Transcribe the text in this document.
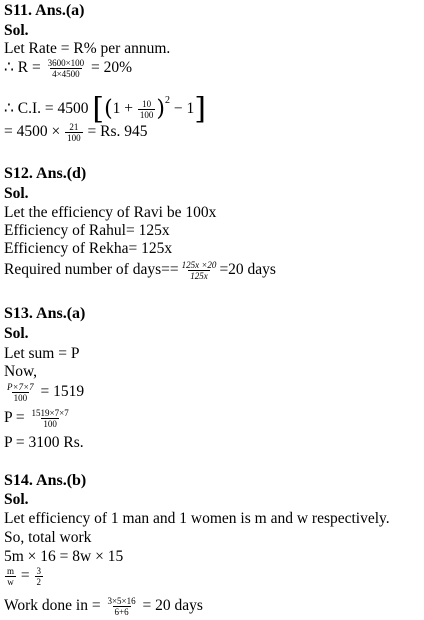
S11. Ans.(a)
Sol.
Let Rate = R% per annum.
∴ $R = \frac{3600\times 100}{4\times 4500} = 20\%$
∴ C.I. = 4500 $[(1 + \frac{10}{100} )^2 - 1]$
= $4500 \times \frac{21}{100} = Rs$. 945
S12. Ans.(d)
Sol.
Let the efficiency of Ravi be 100x
Efficiency of Rahul= 125x
Efficiency of Rekha= 125x
Required number of days== $\frac{125x \times 20}{125x} =20$ days
S13. Ans.(a)
Sol.
Let sum = P
Now,
$\frac{P\times 7\times 7}{100} = 1519$
$P = \frac{1519\times 7\times 7}{100}$
P = 3100 Rs.
S14. Ans.(b)
Sol.
Let efficiency of 1 man and 1 women is m and w respectively.
So, total work
5m × 16 = 8w × 15
$\frac{m}{w} = \frac{3}{2}$
Work done in = $\frac{3\times 5\times 16}{6+6} = 20$ days
